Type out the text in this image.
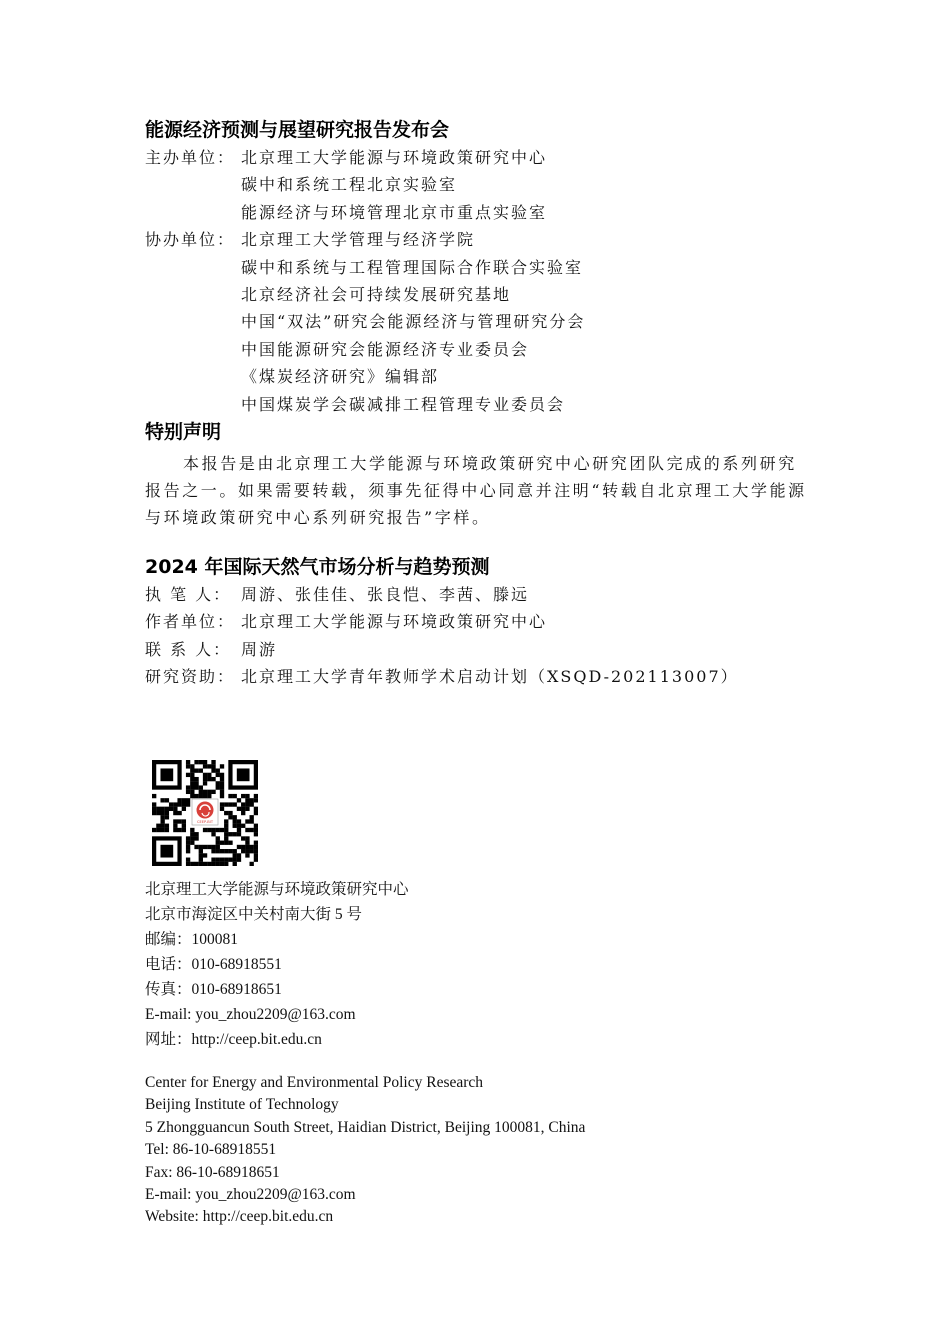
能源经济预测与展望研究报告发布会
主办单位： 北京理工大学能源与环境政策研究中心
碳中和系统工程北京实验室
能源经济与环境管理北京市重点实验室
协办单位： 北京理工大学管理与经济学院
碳中和系统与工程管理国际合作联合实验室
北京经济社会可持续发展研究基地
中国“双法”研究会能源经济与管理研究分会
中国能源研究会能源经济专业委员会
《煤炭经济研究》编辑部
中国煤炭学会碳减排工程管理专业委员会
特别声明

本报告是由北京理工大学能源与环境政策研究中心研究团队完成的系列研究报告之一。如果需要转载，须事先征得中心同意并注明“转载自北京理工大学能源与环境政策研究中心系列研究报告”字样。

2024 年国际天然气市场分析与趋势预测
执 笔 人： 周游、张佳佳、张良恺、李茜、滕远
作者单位： 北京理工大学能源与环境政策研究中心
联 系 人： 周游
研究资助： 北京理工大学青年教师学术启动计划（XSQD-202113007）
CEEP-BIT
北京理工大学能源与环境政策研究中心
北京市海淀区中关村南大街 5 号
邮编：100081
电话：010-68918551
传真：010-68918651
E-mail: you_zhou2209@163.com
网址：http://ceep.bit.edu.cn
Center for Energy and Environmental Policy Research
Beijing Institute of Technology
5 Zhongguancun South Street, Haidian District, Beijing 100081, China
Tel: 86-10-68918551
Fax: 86-10-68918651
E-mail: you_zhou2209@163.com
Website: http://ceep.bit.edu.cn
